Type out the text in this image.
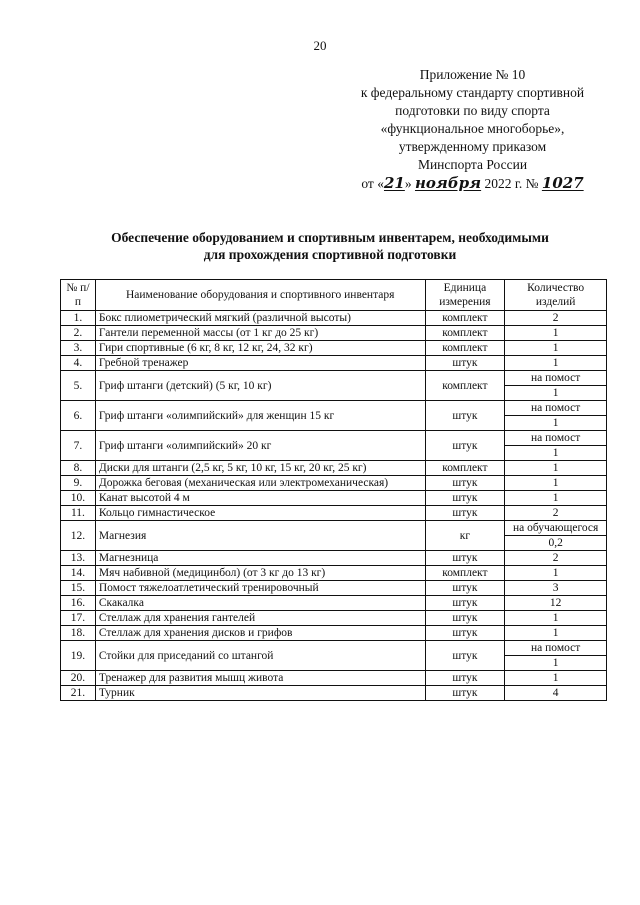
20
Приложение № 10
к федеральному стандарту спортивной
подготовки по виду спорта
«функциональное многоборье»,
утвержденному приказом
Минспорта России
от «21» ноября 2022 г. № 1027
Обеспечение оборудованием и спортивным инвентарем, необходимыми
для прохождения спортивной подготовки
№ п/п	Наименование оборудования и спортивного инвентаря	Единица измерения	Количество изделий
1.	Бокс плиометрический мягкий (различной высоты)	комплект	2
2.	Гантели переменной массы (от 1 кг до 25 кг)	комплект	1
3.	Гири спортивные (6 кг, 8 кг, 12 кг, 24, 32 кг)	комплект	1
4.	Гребной тренажер	штук	1
5.	Гриф штанги (детский) (5 кг, 10 кг)	комплект	на помост
1
6.	Гриф штанги «олимпийский» для женщин 15 кг	штук	на помост
1
7.	Гриф штанги «олимпийский» 20 кг	штук	на помост
1
8.	Диски для штанги (2,5 кг, 5 кг, 10 кг, 15 кг, 20 кг, 25 кг)	комплект	1
9.	Дорожка беговая (механическая или электромеханическая)	штук	1
10.	Канат высотой 4 м	штук	1
11.	Кольцо гимнастическое	штук	2
12.	Магнезия	кг	на обучающегося
0,2
13.	Магнезница	штук	2
14.	Мяч набивной (медицинбол) (от 3 кг до 13 кг)	комплект	1
15.	Помост тяжелоатлетический тренировочный	штук	3
16.	Скакалка	штук	12
17.	Стеллаж для хранения гантелей	штук	1
18.	Стеллаж для хранения дисков и грифов	штук	1
19.	Стойки для приседаний со штангой	штук	на помост
1
20.	Тренажер для развития мышц живота	штук	1
21.	Турник	штук	4
